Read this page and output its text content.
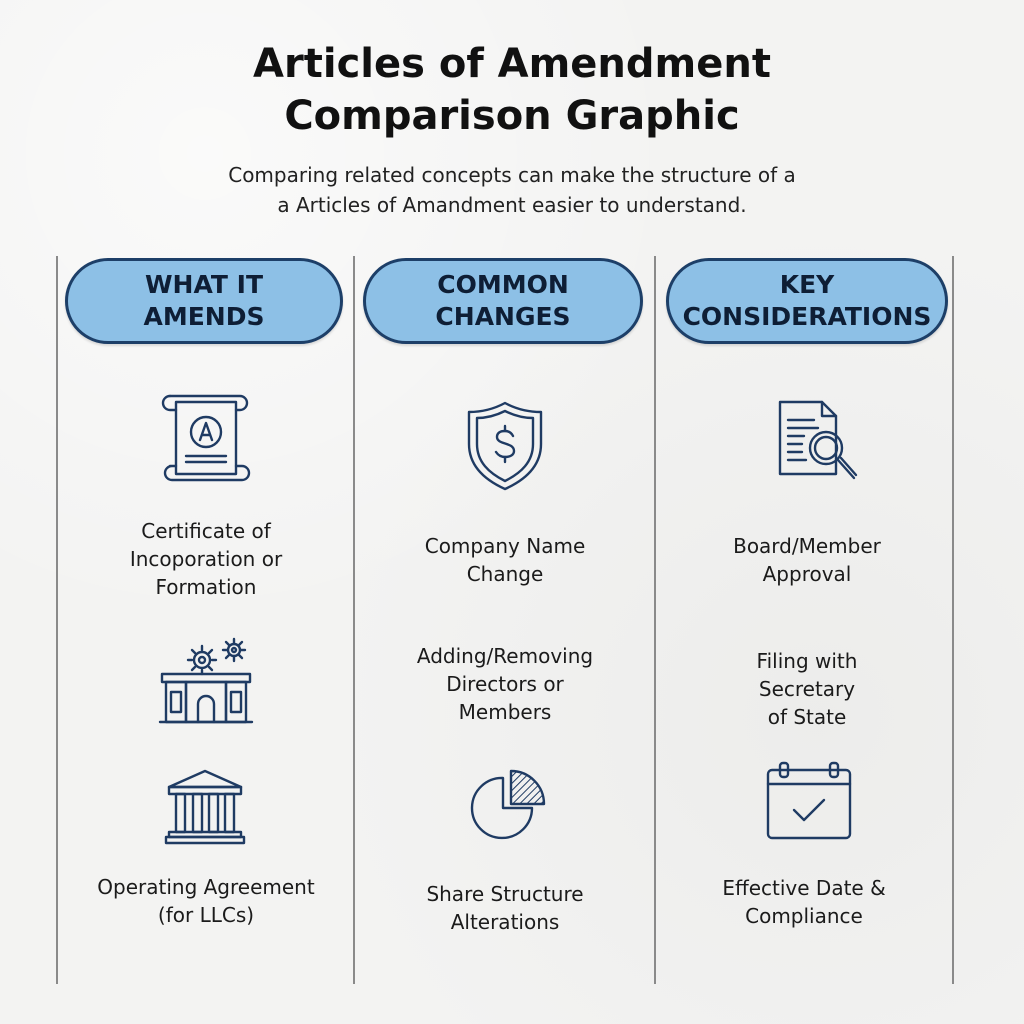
Articles of Amendment
Comparison Graphic
Comparing related concepts can make the structure of a
a Articles of Amandment easier to understand.
WHAT IT
AMENDS
COMMON
CHANGES
KEY
CONSIDERATIONS
Certificate of
Incoporation or
Formation
Operating Agreement
(for LLCs)
Company Name
Change
Adding/Removing
Directors or
Members
Share Structure
Alterations
Board/Member
Approval
Filing with
Secretary
of State
Effective Date &
Compliance
